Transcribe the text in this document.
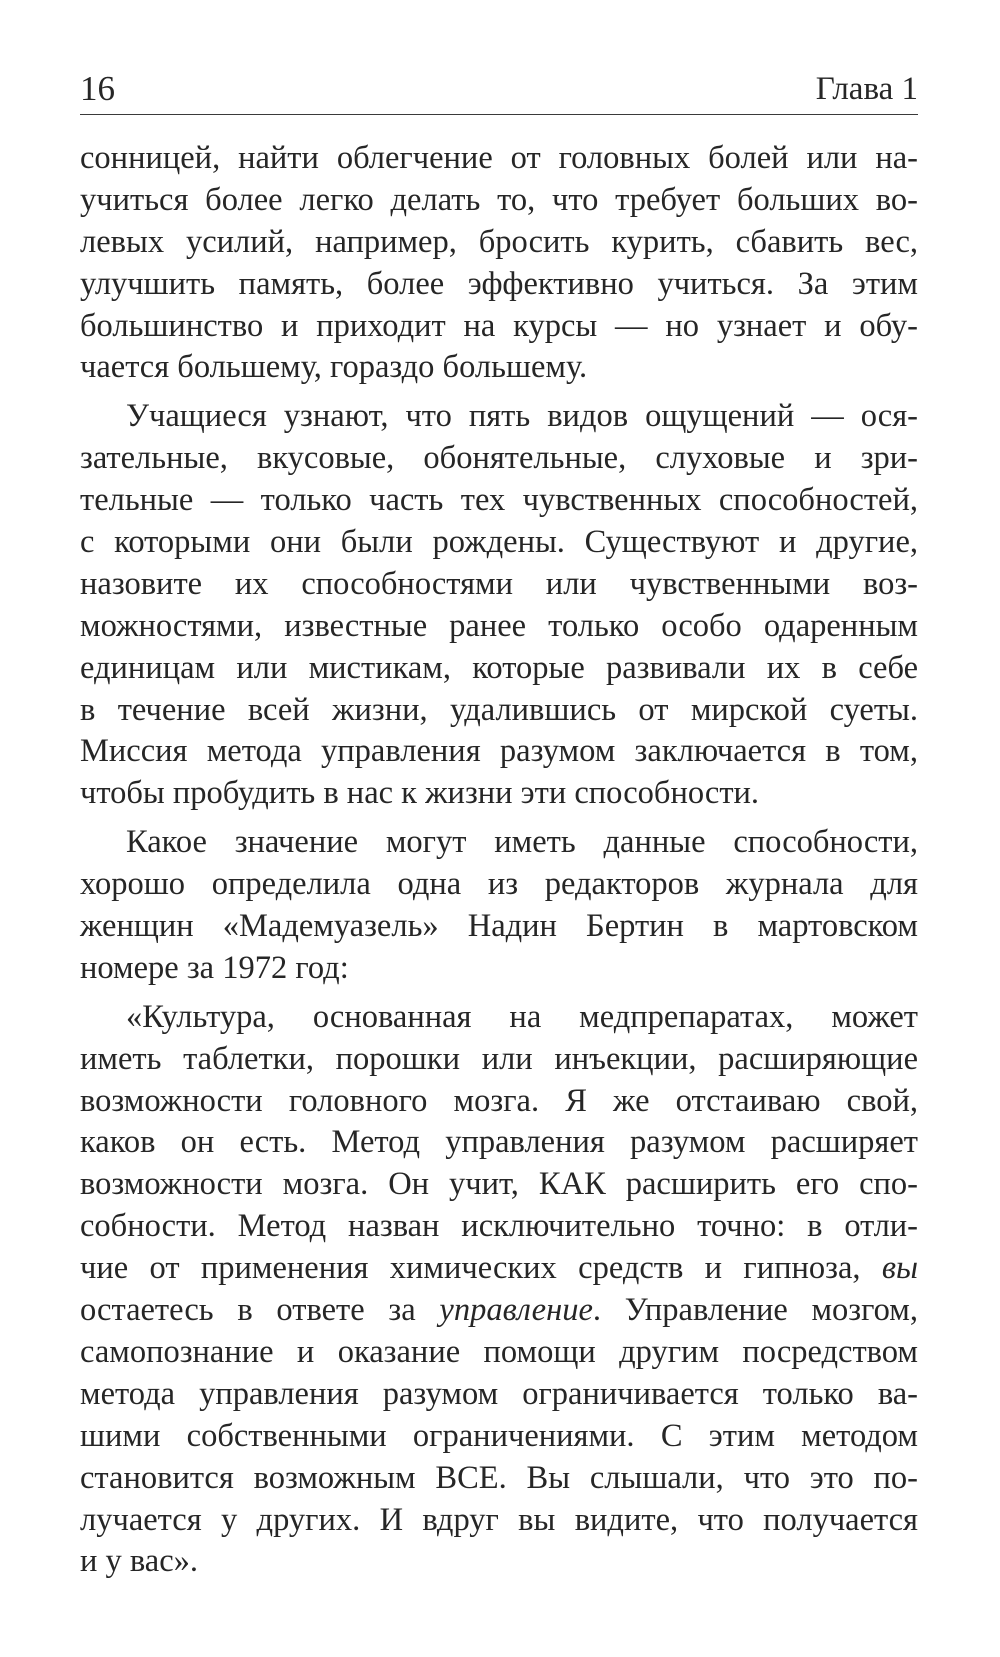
16	Глава 1

сонницей, найти облегчение от головных болей или на-
учиться более легко делать то, что требует больших во-
левых усилий, например, бросить курить, сбавить вес,
улучшить память, более эффективно учиться. За этим
большинство и приходит на курсы — но узнает и обу-
чается большему, гораздо большему.

Учащиеся узнают, что пять видов ощущений — ося-
зательные, вкусовые, обонятельные, слуховые и зри-
тельные — только часть тех чувственных способностей,
с которыми они были рождены. Существуют и другие,
назовите их способностями или чувственными воз-
можностями, известные ранее только особо одаренным
единицам или мистикам, которые развивали их в себе
в течение всей жизни, удалившись от мирской суеты.
Миссия метода управления разумом заключается в том,
чтобы пробудить в нас к жизни эти способности.

Какое значение могут иметь данные способности,
хорошо определила одна из редакторов журнала для
женщин «Мадемуазель» Надин Бертин в мартовском
номере за 1972 год:

«Культура, основанная на медпрепаратах, может
иметь таблетки, порошки или инъекции, расширяющие
возможности головного мозга. Я же отстаиваю свой,
каков он есть. Метод управления разумом расширяет
возможности мозга. Он учит, КАК расширить его спо-
собности. Метод назван исключительно точно: в отли-
чие от применения химических средств и гипноза, вы
остаетесь в ответе за управление. Управление мозгом,
самопознание и оказание помощи другим посредством
метода управления разумом ограничивается только ва-
шими собственными ограничениями. С этим методом
становится возможным ВСЕ. Вы слышали, что это по-
лучается у других. И вдруг вы видите, что получается
и у вас».
